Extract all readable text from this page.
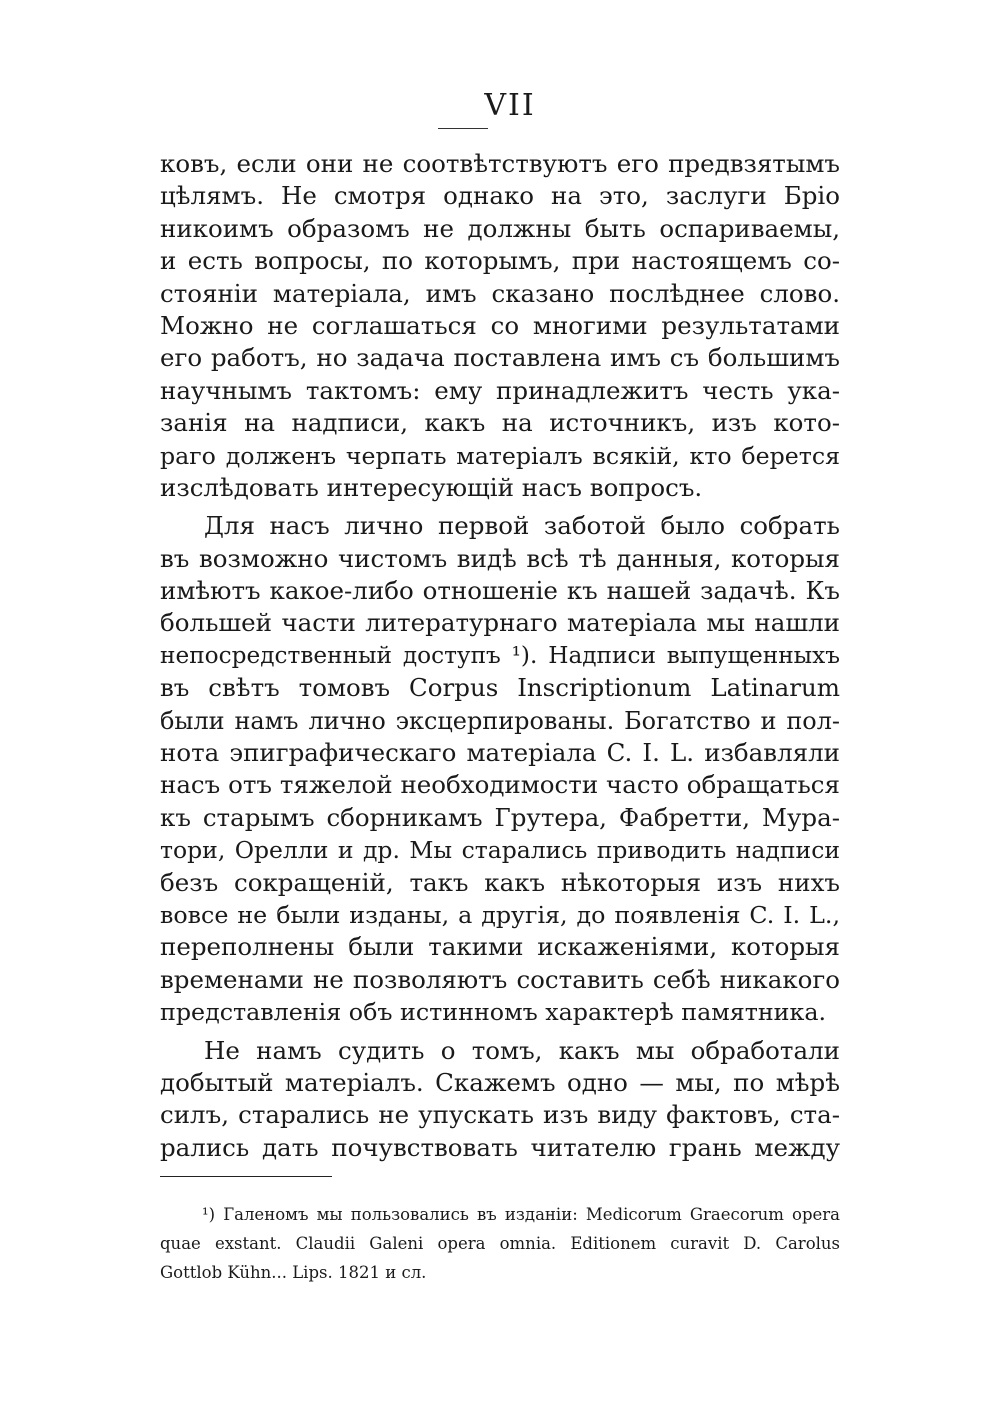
VII
ковъ, если они не соотвѣтствуютъ его предвзятымъ
цѣлямъ. Не смотря однако на это, заслуги Бріо
никоимъ образомъ не должны быть оспариваемы,
и есть вопросы, по которымъ, при настоящемъ со-
стояніи матеріала, имъ сказано послѣднее слово.
Можно не соглашаться со многими результатами
его работъ, но задача поставлена имъ съ большимъ
научнымъ тактомъ: ему принадлежитъ честь ука-
занія на надписи, какъ на источникъ, изъ кото-
раго долженъ черпать матеріалъ всякій, кто берется
изслѣдовать интересующій насъ вопросъ.
Для насъ лично первой заботой было собрать
въ возможно чистомъ видѣ всѣ тѣ данныя, которыя
имѣютъ какое-либо отношеніе къ нашей задачѣ. Къ
большей части литературнаго матеріала мы нашли
непосредственный доступъ ¹). Надписи выпущенныхъ
въ свѣтъ томовъ Corpus Inscriptionum Latinarum
были намъ лично эксцерпированы. Богатство и пол-
нота эпиграфическаго матеріала C. I. L. избавляли
насъ отъ тяжелой необходимости часто обращаться
къ старымъ сборникамъ Грутера, Фабретти, Мура-
тори, Орелли и др. Мы старались приводить надписи
безъ сокращеній, такъ какъ нѣкоторыя изъ нихъ
вовсе не были изданы, а другія, до появленія C. I. L.,
переполнены были такими искаженіями, которыя
временами не позволяютъ составить себѣ никакого
представленія объ истинномъ характерѣ памятника.
Не намъ судить о томъ, какъ мы обработали
добытый матеріалъ. Скажемъ одно — мы, по мѣрѣ
силъ, старались не упускать изъ виду фактовъ, ста-
рались дать почувствовать читателю грань между
¹) Галеномъ мы пользовались въ изданіи: Medicorum Graecorum opera
quae exstant. Claudii Galeni opera omnia. Editionem curavit D. Carolus
Gottlob Kühn... Lips. 1821 и сл.
